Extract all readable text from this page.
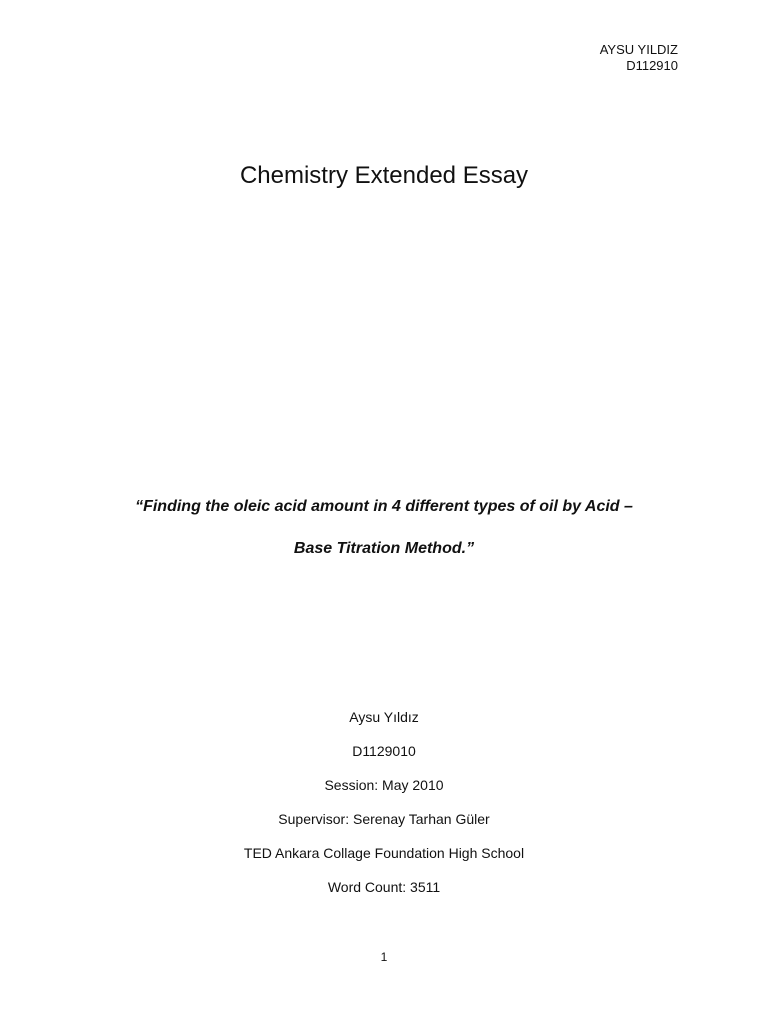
AYSU YILDIZ
D112910
Chemistry Extended Essay
“Finding the oleic acid amount in 4 different types of oil by Acid –
Base Titration Method.”
Aysu Yıldız
D1129010
Session: May 2010
Supervisor: Serenay Tarhan Güler
TED Ankara Collage Foundation High School
Word Count: 3511
1
